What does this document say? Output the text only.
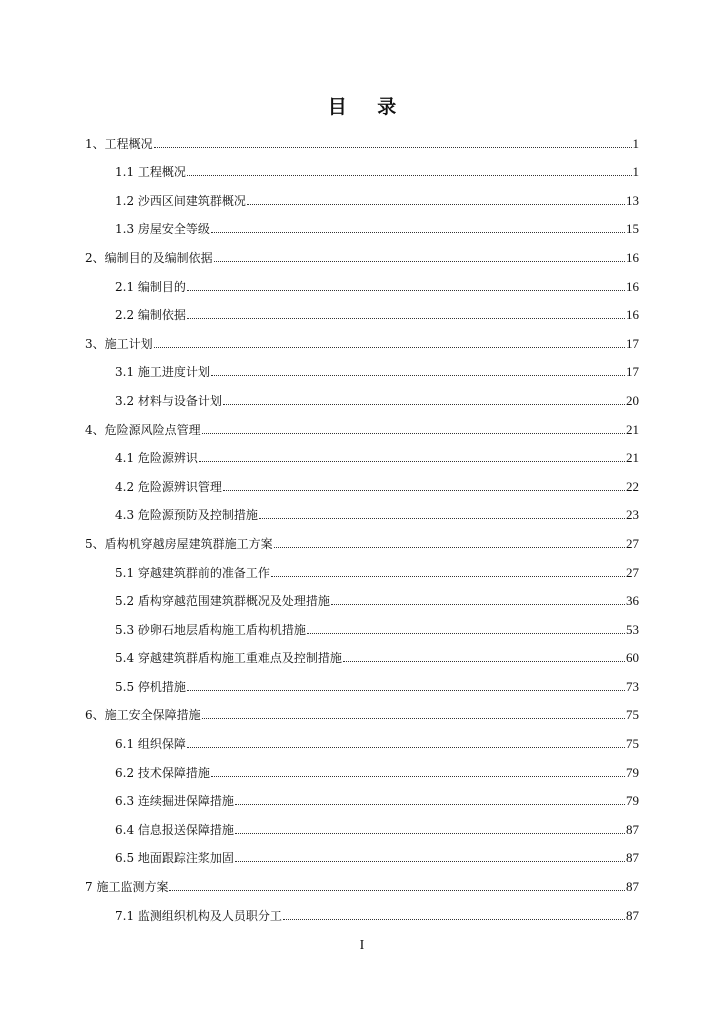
目 录
1、工程概况	1
1.1 工程概况	1
1.2 沙西区间建筑群概况	13
1.3 房屋安全等级	15
2、编制目的及编制依据	16
2.1 编制目的	16
2.2 编制依据	16
3、施工计划	17
3.1 施工进度计划	17
3.2 材料与设备计划	20
4、危险源风险点管理	21
4.1 危险源辨识	21
4.2 危险源辨识管理	22
4.3 危险源预防及控制措施	23
5、盾构机穿越房屋建筑群施工方案	27
5.1 穿越建筑群前的准备工作	27
5.2 盾构穿越范围建筑群概况及处理措施	36
5.3 砂卵石地层盾构施工盾构机措施	53
5.4 穿越建筑群盾构施工重难点及控制措施	60
5.5 停机措施	73
6、施工安全保障措施	75
6.1 组织保障	75
6.2 技术保障措施	79
6.3 连续掘进保障措施	79
6.4 信息报送保障措施	87
6.5 地面跟踪注浆加固	87
7 施工监测方案	87
7.1 监测组织机构及人员职分工	87
I
